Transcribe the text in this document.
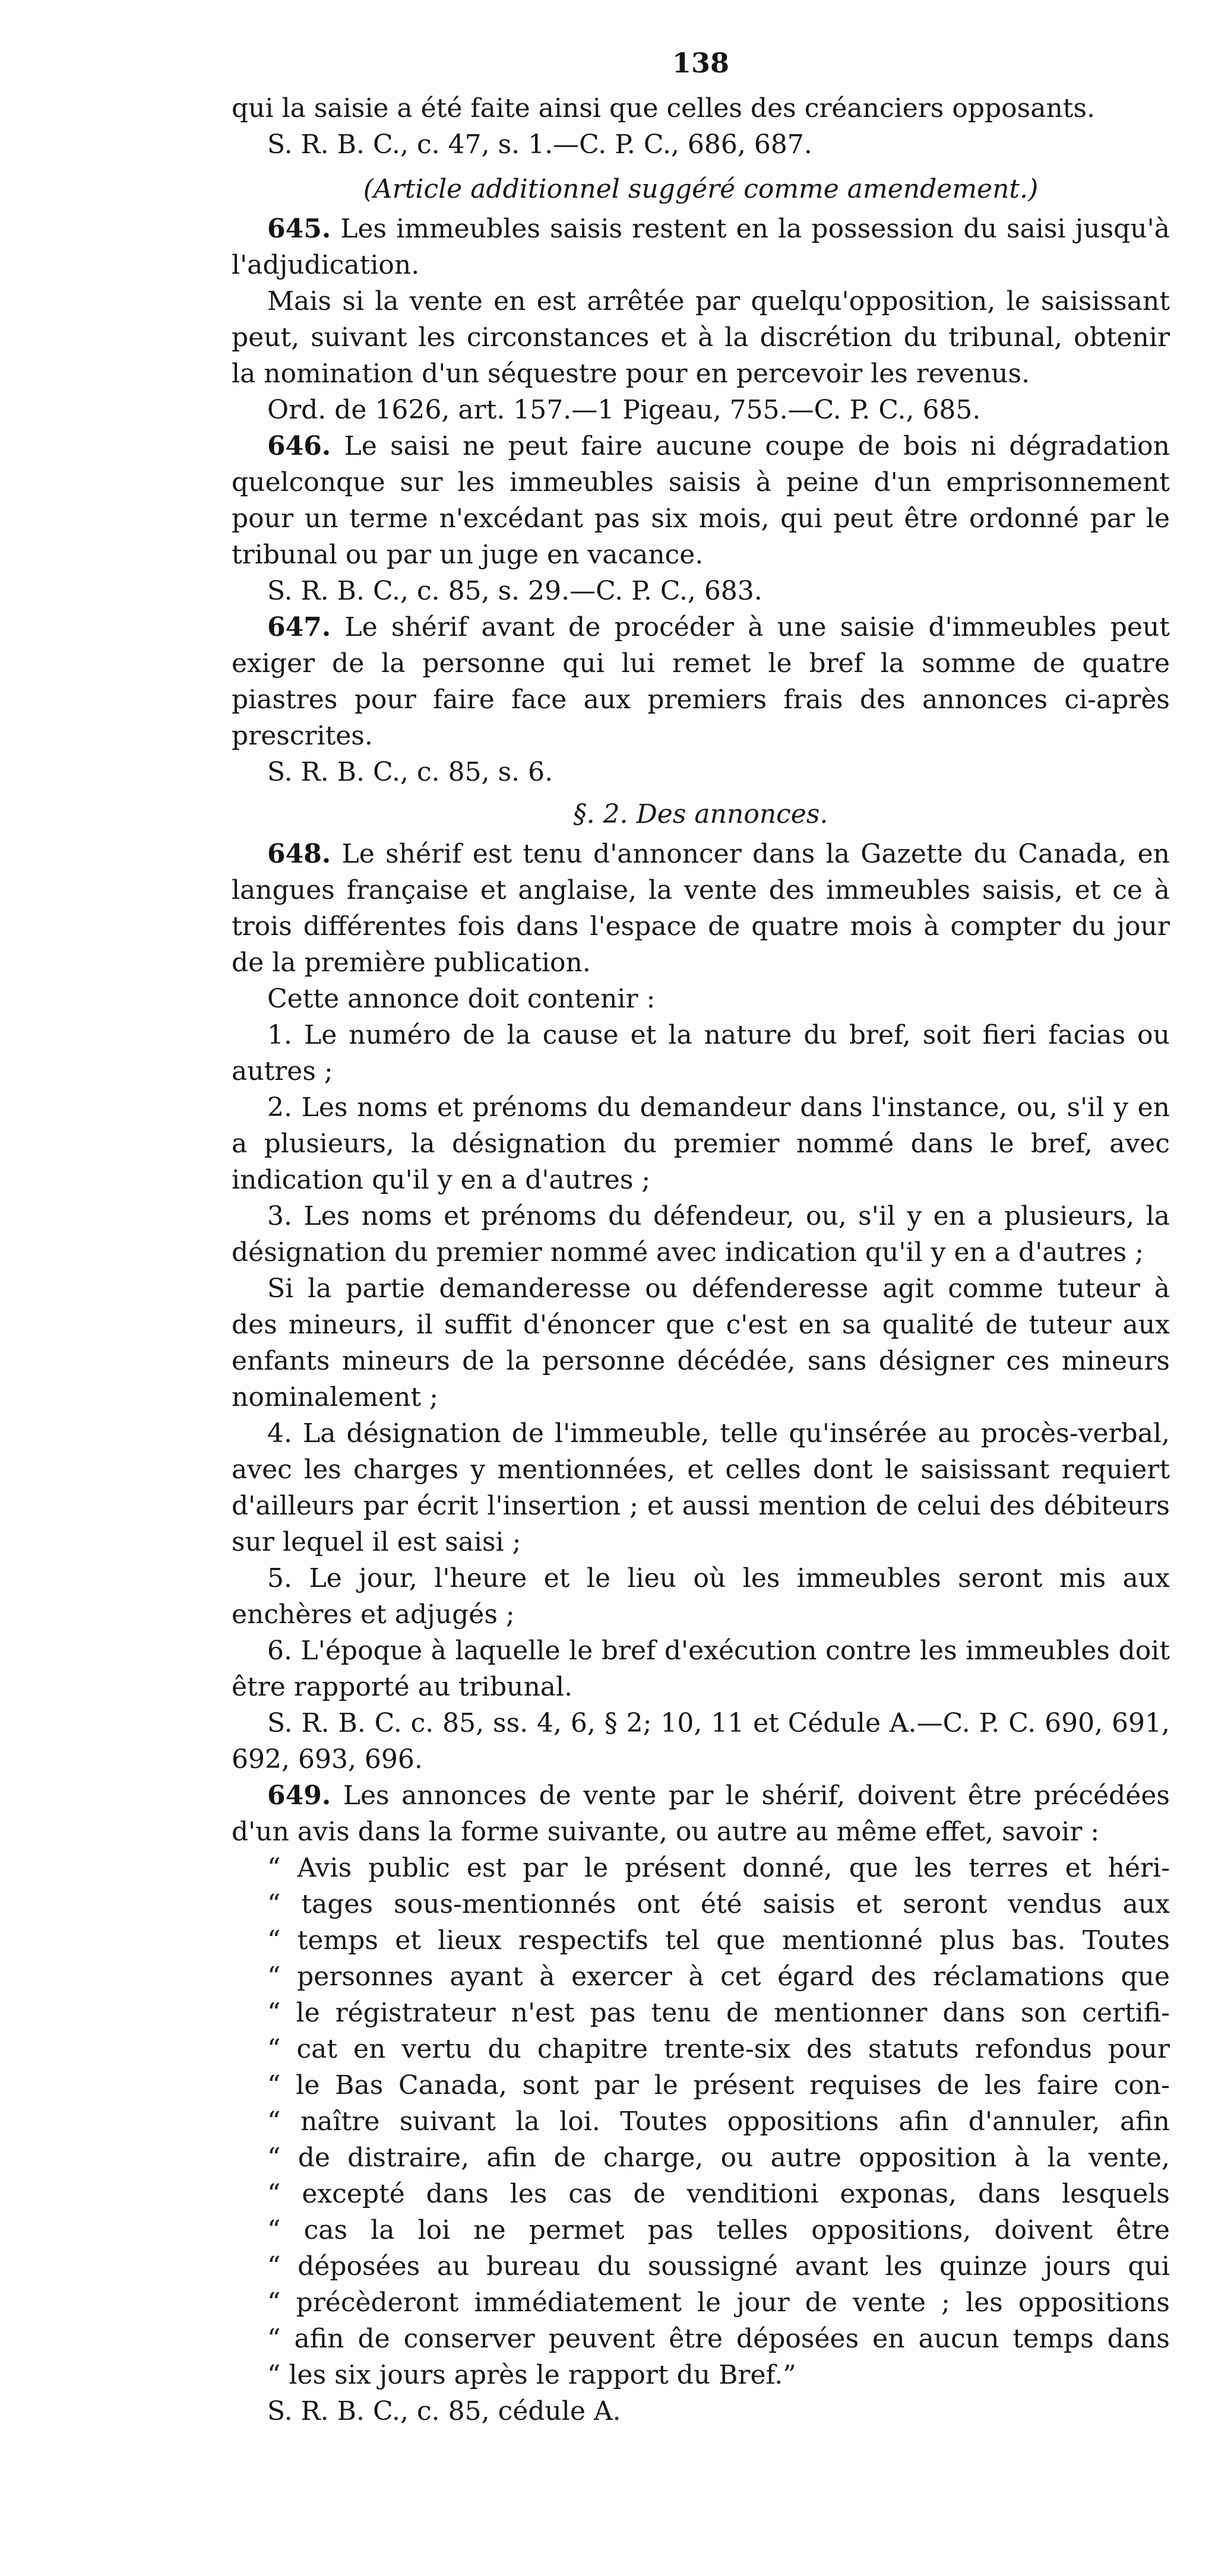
138

qui la saisie a été faite ainsi que celles des créanciers opposants.

S. R. B. C., c. 47, s. 1.—C. P. C., 686, 687.

(Article additionnel suggéré comme amendement.)

645. Les immeubles saisis restent en la possession du saisi jusqu'à l'adjudication.

Mais si la vente en est arrêtée par quelqu'opposition, le saisissant peut, suivant les circonstances et à la discrétion du tribunal, obtenir la nomination d'un séquestre pour en percevoir les revenus.

Ord. de 1626, art. 157.—1 Pigeau, 755.—C. P. C., 685.

646. Le saisi ne peut faire aucune coupe de bois ni dégradation quelconque sur les immeubles saisis à peine d'un emprisonnement pour un terme n'excédant pas six mois, qui peut être ordonné par le tribunal ou par un juge en vacance.

S. R. B. C., c. 85, s. 29.—C. P. C., 683.

647. Le shérif avant de procéder à une saisie d'immeubles peut exiger de la personne qui lui remet le bref la somme de quatre piastres pour faire face aux premiers frais des annonces ci-après prescrites.

S. R. B. C., c. 85, s. 6.

§. 2. Des annonces.

648. Le shérif est tenu d'annoncer dans la Gazette du Canada, en langues française et anglaise, la vente des immeubles saisis, et ce à trois différentes fois dans l'espace de quatre mois à compter du jour de la première publication.

Cette annonce doit contenir :

1. Le numéro de la cause et la nature du bref, soit fieri facias ou autres ;

2. Les noms et prénoms du demandeur dans l'instance, ou, s'il y en a plusieurs, la désignation du premier nommé dans le bref, avec indication qu'il y en a d'autres ;

3. Les noms et prénoms du défendeur, ou, s'il y en a plusieurs, la désignation du premier nommé avec indication qu'il y en a d'autres ;

Si la partie demanderesse ou défenderesse agit comme tuteur à des mineurs, il suffit d'énoncer que c'est en sa qualité de tuteur aux enfants mineurs de la personne décédée, sans désigner ces mineurs nominalement ;

4. La désignation de l'immeuble, telle qu'insérée au procès-verbal, avec les charges y mentionnées, et celles dont le saisissant requiert d'ailleurs par écrit l'insertion ; et aussi mention de celui des débiteurs sur lequel il est saisi ;

5. Le jour, l'heure et le lieu où les immeubles seront mis aux enchères et adjugés ;

6. L'époque à laquelle le bref d'exécution contre les immeubles doit être rapporté au tribunal.

S. R. B. C. c. 85, ss. 4, 6, § 2; 10, 11 et Cédule A.—C. P. C. 690, 691, 692, 693, 696.

649. Les annonces de vente par le shérif, doivent être précédées d'un avis dans la forme suivante, ou autre au même effet, savoir :

“ Avis public est par le présent donné, que les terres et héri-
“ tages sous-mentionnés ont été saisis et seront vendus aux
“ temps et lieux respectifs tel que mentionné plus bas. Toutes
“ personnes ayant à exercer à cet égard des réclamations que
“ le régistrateur n'est pas tenu de mentionner dans son certifi-
“ cat en vertu du chapitre trente-six des statuts refondus pour
“ le Bas Canada, sont par le présent requises de les faire con-
“ naître suivant la loi. Toutes oppositions afin d'annuler, afin
“ de distraire, afin de charge, ou autre opposition à la vente,
“ excepté dans les cas de venditioni exponas, dans lesquels
“ cas la loi ne permet pas telles oppositions, doivent être
“ déposées au bureau du soussigné avant les quinze jours qui
“ précèderont immédiatement le jour de vente ; les oppositions
“ afin de conserver peuvent être déposées en aucun temps dans
“ les six jours après le rapport du Bref.”

S. R. B. C., c. 85, cédule A.
